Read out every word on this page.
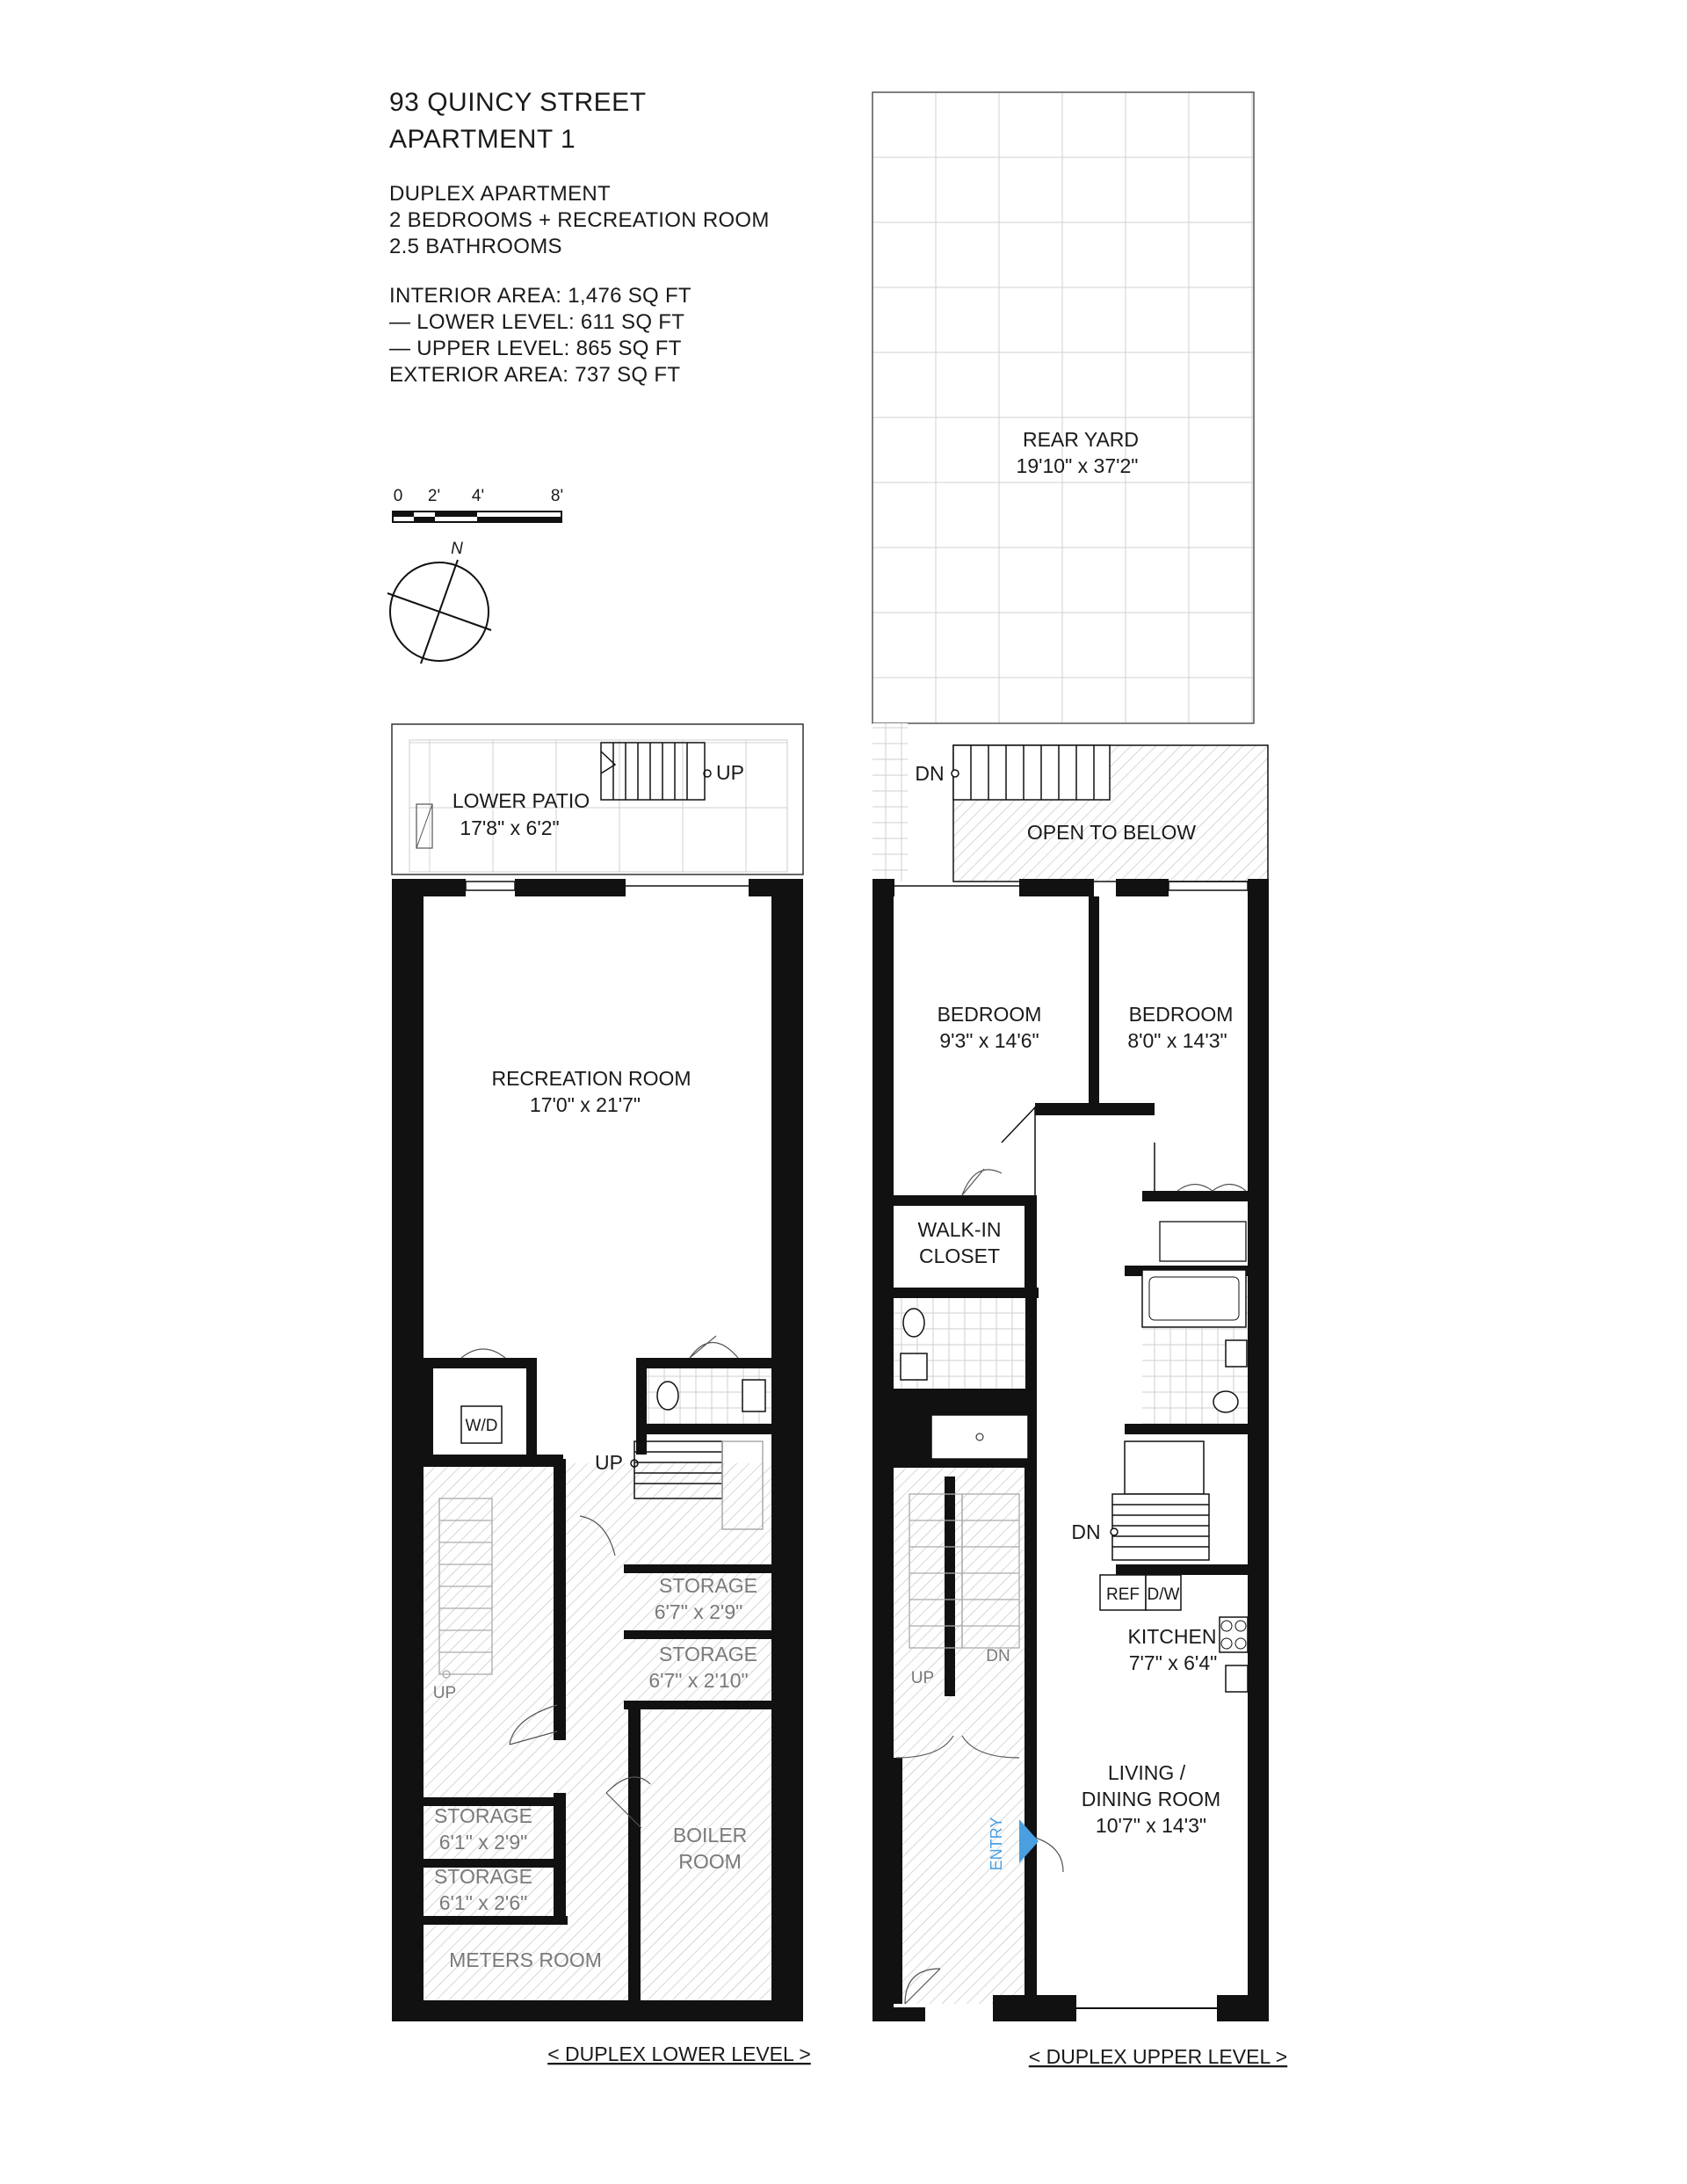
93 QUINCY STREET
APARTMENT 1
DUPLEX APARTMENT
2 BEDROOMS + RECREATION ROOM
2.5 BATHROOMS
INTERIOR AREA: 1,476 SQ FT
— LOWER LEVEL: 611 SQ FT
— UPPER LEVEL: 865 SQ FT
EXTERIOR AREA: 737 SQ FT
0 2' 4'	8'
N
UP
LOWER PATIO
17'8" x 6'2"
W/D
UP
UP
RECREATION ROOM
17'0" x 21'7"
STORAGE
6'7" x 2'9"
STORAGE
6'7" x 2'10"
STORAGE
6'1" x 2'9"
STORAGE
6'1" x 2'6"
BOILER
ROOM
METERS ROOM
< DUPLEX LOWER LEVEL >
REAR YARD
19'10" x 37'2"
DN
OPEN TO BELOW
DN
REF D/W
UP
DN
ENTRY
BEDROOM
9'3" x 14'6"
BEDROOM
8'0" x 14'3"
WALK-IN
CLOSET
KITCHEN
7'7" x 6'4"
LIVING /
DINING ROOM
10'7" x 14'3"
< DUPLEX UPPER LEVEL >
